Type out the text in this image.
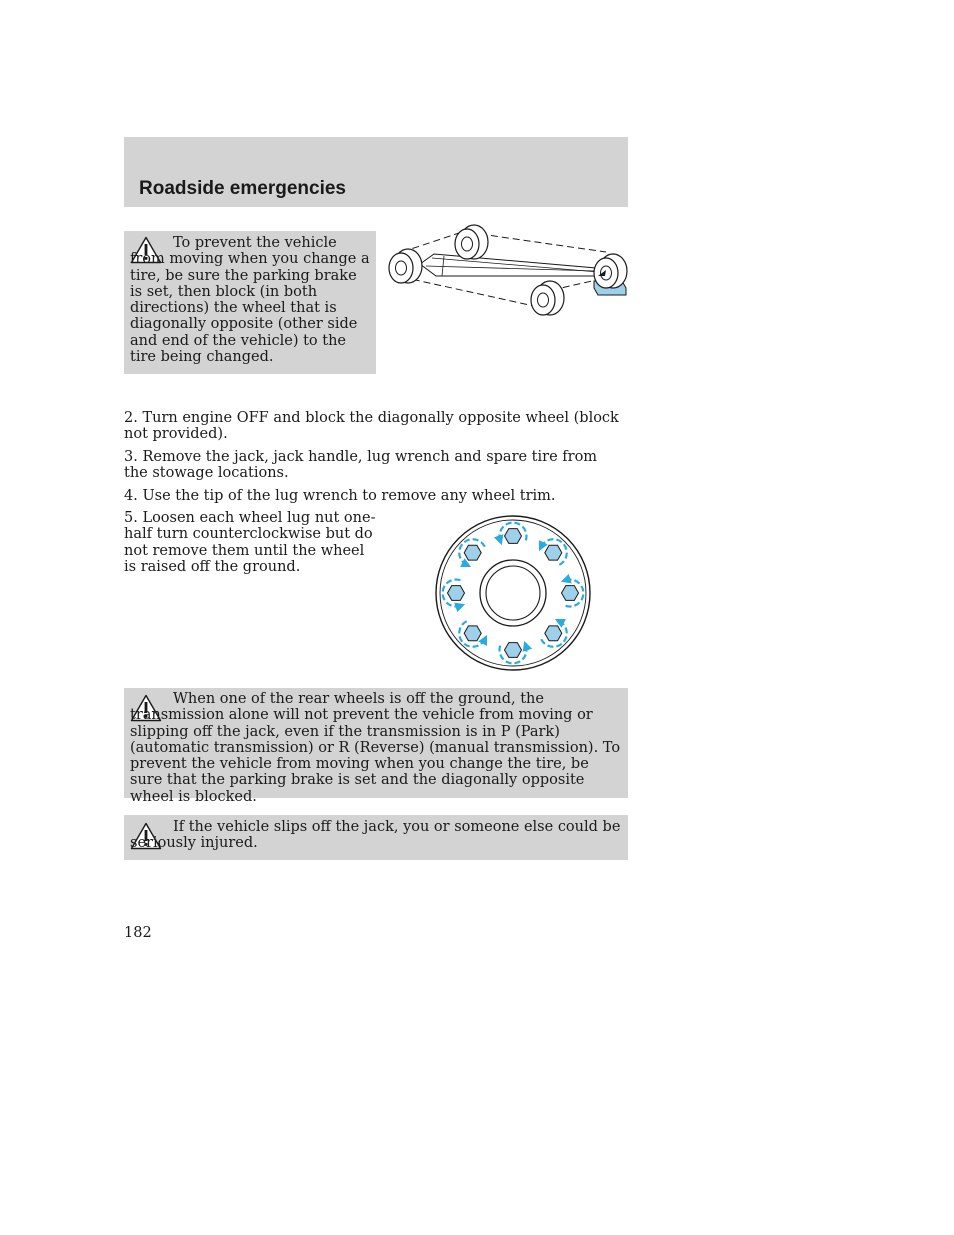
Roadside emergencies

To prevent the vehicle from moving when you change a tire, be sure the parking brake is set, then block (in both directions) the wheel that is diagonally opposite (other side and end of the vehicle) to the tire being changed.

2. Turn engine OFF and block the diagonally opposite wheel (block not provided).

3. Remove the jack, jack handle, lug wrench and spare tire from the stowage locations.

4. Use the tip of the lug wrench to remove any wheel trim.

5. Loosen each wheel lug nut one-half turn counterclockwise but do not remove them until the wheel is raised off the ground.

When one of the rear wheels is off the ground, the transmission alone will not prevent the vehicle from moving or slipping off the jack, even if the transmission is in P (Park) (automatic transmission) or R (Reverse) (manual transmission). To prevent the vehicle from moving when you change the tire, be sure that the parking brake is set and the diagonally opposite wheel is blocked.

If the vehicle slips off the jack, you or someone else could be seriously injured.

182
